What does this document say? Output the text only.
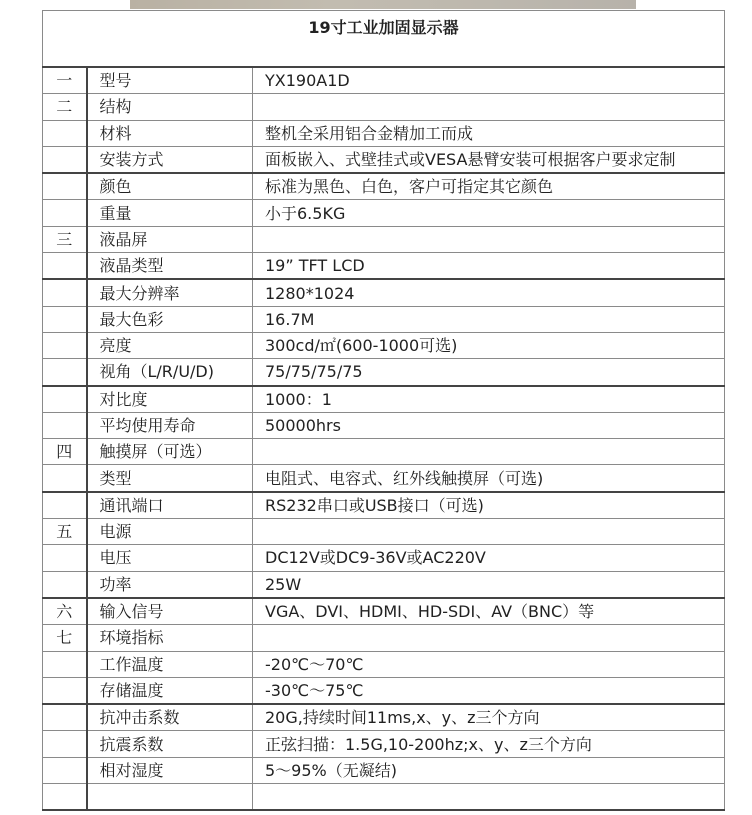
19寸工业加固显示器		
一	型号	YX190A1D
二	结构	
	材料	整机全采用铝合金精加工而成
	安装方式	面板嵌入、式壁挂式或VESA悬臂安装可根据客户要求定制
	颜色	标准为黑色、白色，客户可指定其它颜色
	重量	小于6.5KG
三	液晶屏	
	液晶类型	19” TFT LCD
	最大分辨率	1280*1024
	最大色彩	16.7M
	亮度	300cd/㎡(600-1000可选)
	视角（L/R/U/D)	75/75/75/75
	对比度	1000：1
	平均使用寿命	50000hrs
四	触摸屏（可选）	
	类型	电阻式、电容式、红外线触摸屏（可选)
	通讯端口	RS232串口或USB接口（可选)
五	电源	
	电压	DC12V或DC9-36V或AC220V
	功率	25W
六	输入信号	VGA、DVI、HDMI、HD-SDI、AV（BNC）等
七	环境指标	
	工作温度	-20℃～70℃
	存储温度	-30℃～75℃
	抗冲击系数	20G,持续时间11ms,x、y、z三个方向
	抗震系数	正弦扫描：1.5G,10-200hz;x、y、z三个方向
	相对湿度	5～95%（无凝结)
